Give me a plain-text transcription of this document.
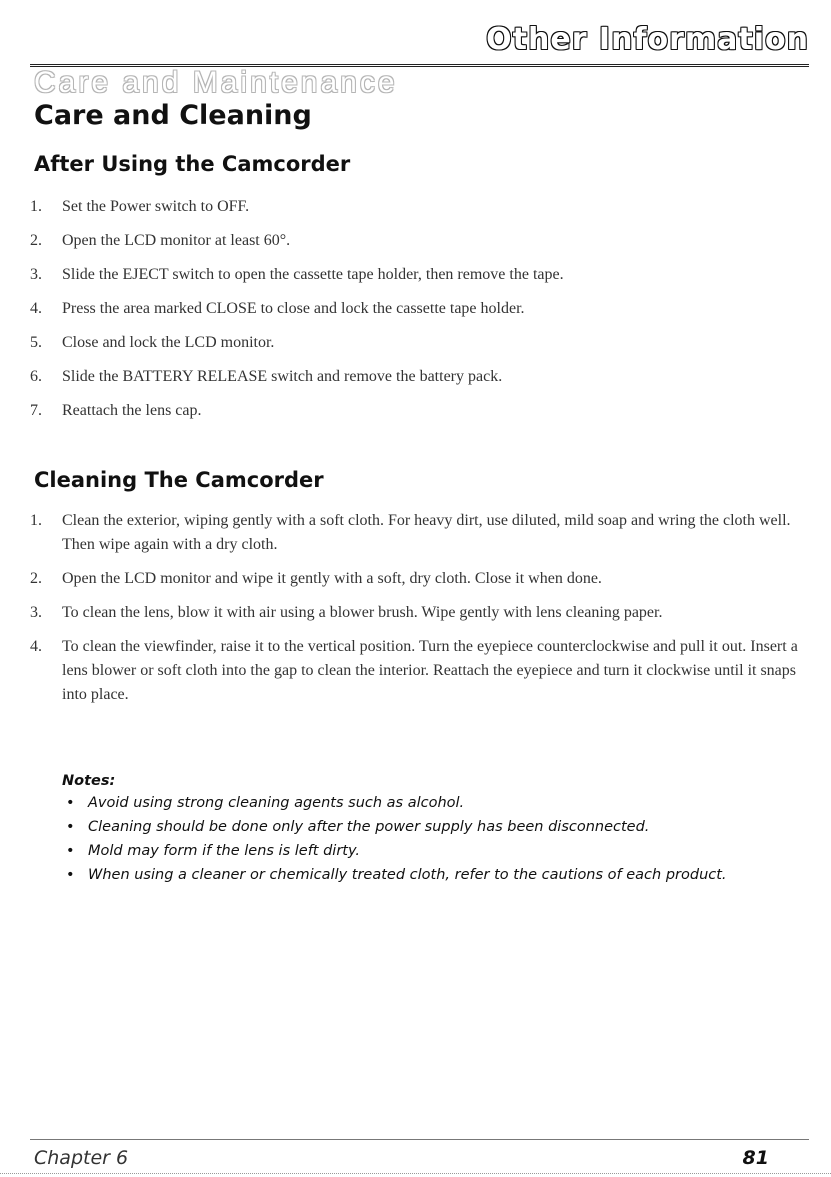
Other Information
Care and Maintenance
Care and Cleaning
After Using the Camcorder
1. Set the Power switch to OFF.
2. Open the LCD monitor at least 60°.
3. Slide the EJECT switch to open the cassette tape holder, then remove the tape.
4. Press the area marked CLOSE to close and lock the cassette tape holder.
5. Close and lock the LCD monitor.
6. Slide the BATTERY RELEASE switch and remove the battery pack.
7. Reattach the lens cap.
Cleaning The Camcorder
1. Clean the exterior, wiping gently with a soft cloth. For heavy dirt, use diluted, mild soap and wring the cloth well. Then wipe again with a dry cloth.
2. Open the LCD monitor and wipe it gently with a soft, dry cloth. Close it when done.
3. To clean the lens, blow it with air using a blower brush. Wipe gently with lens cleaning paper.
4. To clean the viewfinder, raise it to the vertical position. Turn the eyepiece counterclockwise and pull it out. Insert a lens blower or soft cloth into the gap to clean the interior. Reattach the eyepiece and turn it clockwise until it snaps into place.
Notes:
• Avoid using strong cleaning agents such as alcohol.
• Cleaning should be done only after the power supply has been disconnected.
• Mold may form if the lens is left dirty.
• When using a cleaner or chemically treated cloth, refer to the cautions of each product.
Chapter 6	81
